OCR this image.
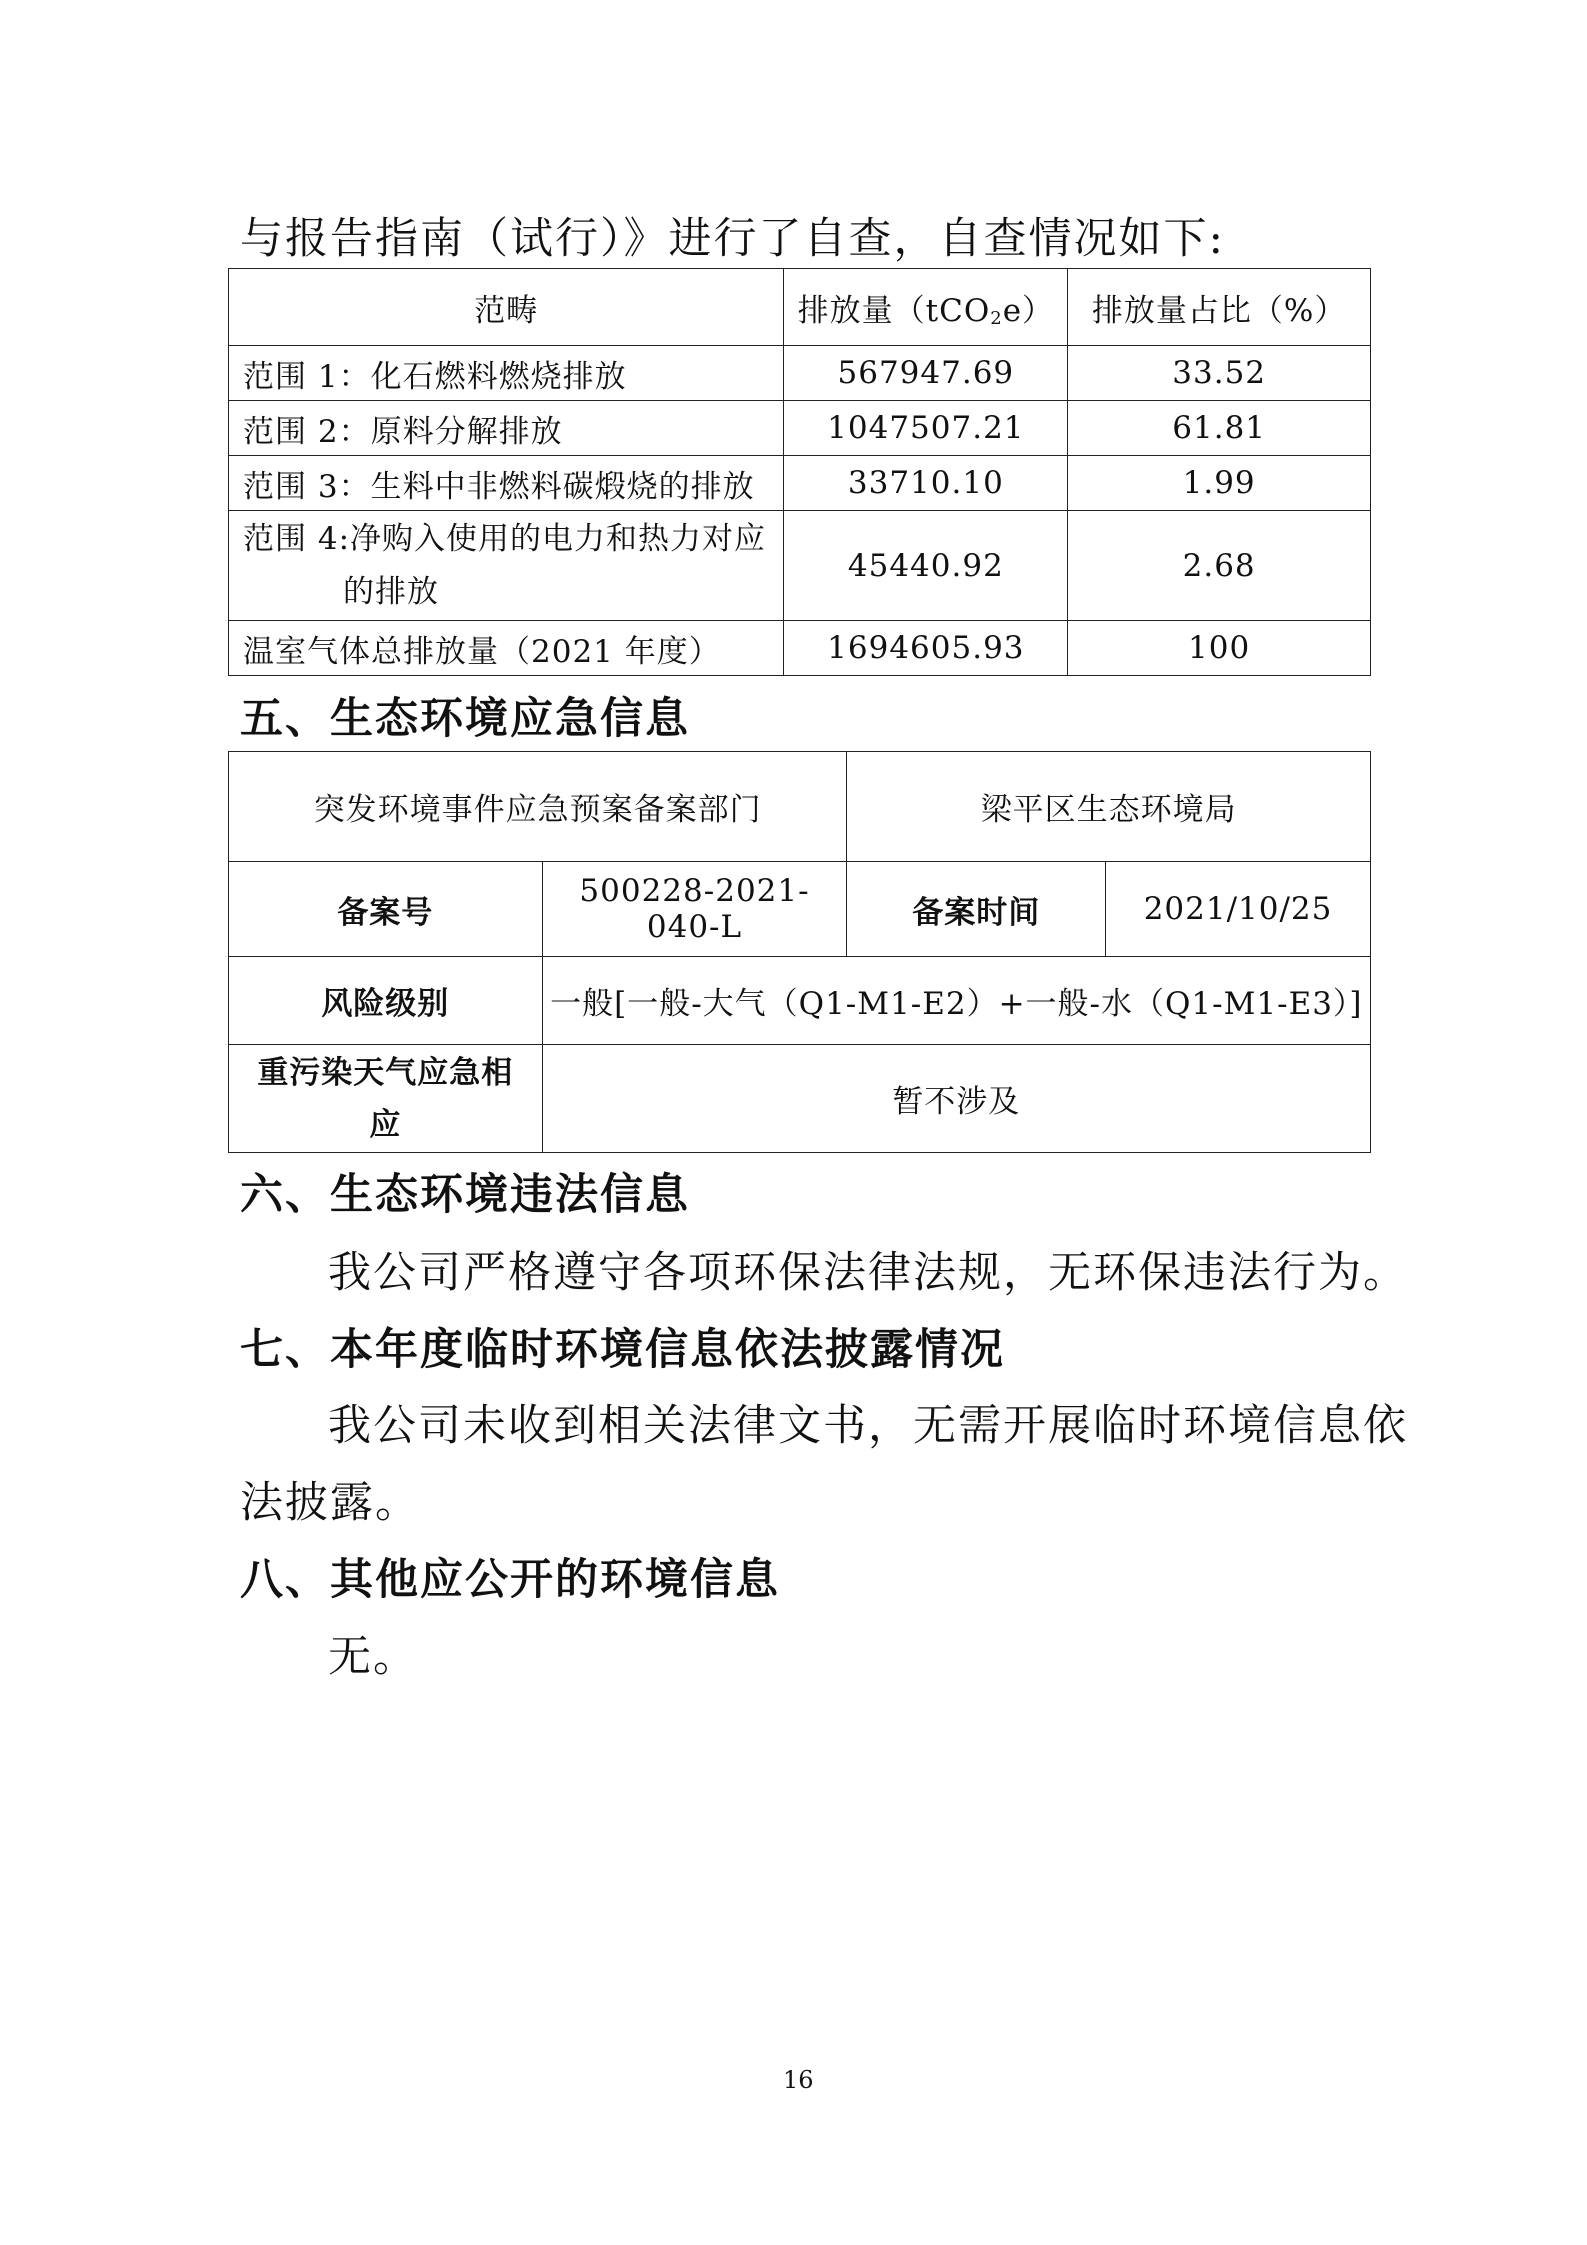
与报告指南（试行）》进行了自查，自查情况如下:
范畴	排放量（tCO2e）	排放量占比（%）
范围 1：化石燃料燃烧排放	567947.69	33.52
范围 2：原料分解排放	1047507.21	61.81
范围 3：生料中非燃料碳煅烧的排放	33710.10	1.99

范围 4:净购入使用的电力和热力对应
的排放	45440.92	2.68
温室气体总排放量（2021 年度）	1694605.93	100
五、生态环境应急信息
突发环境事件应急预案备案部门		梁平区生态环境局	
备案号	500228-2021-040-L	备案时间	2021/10/25
风险级别	一般[一般-大气（Q1-M1-E2）+一般-水（Q1-M1-E3）]		

重污染天气应急相
应	暂不涉及		
六、生态环境违法信息
我公司严格遵守各项环保法律法规，无环保违法行为。
七、本年度临时环境信息依法披露情况
我公司未收到相关法律文书，无需开展临时环境信息依
法披露。
八、其他应公开的环境信息
无。
16
